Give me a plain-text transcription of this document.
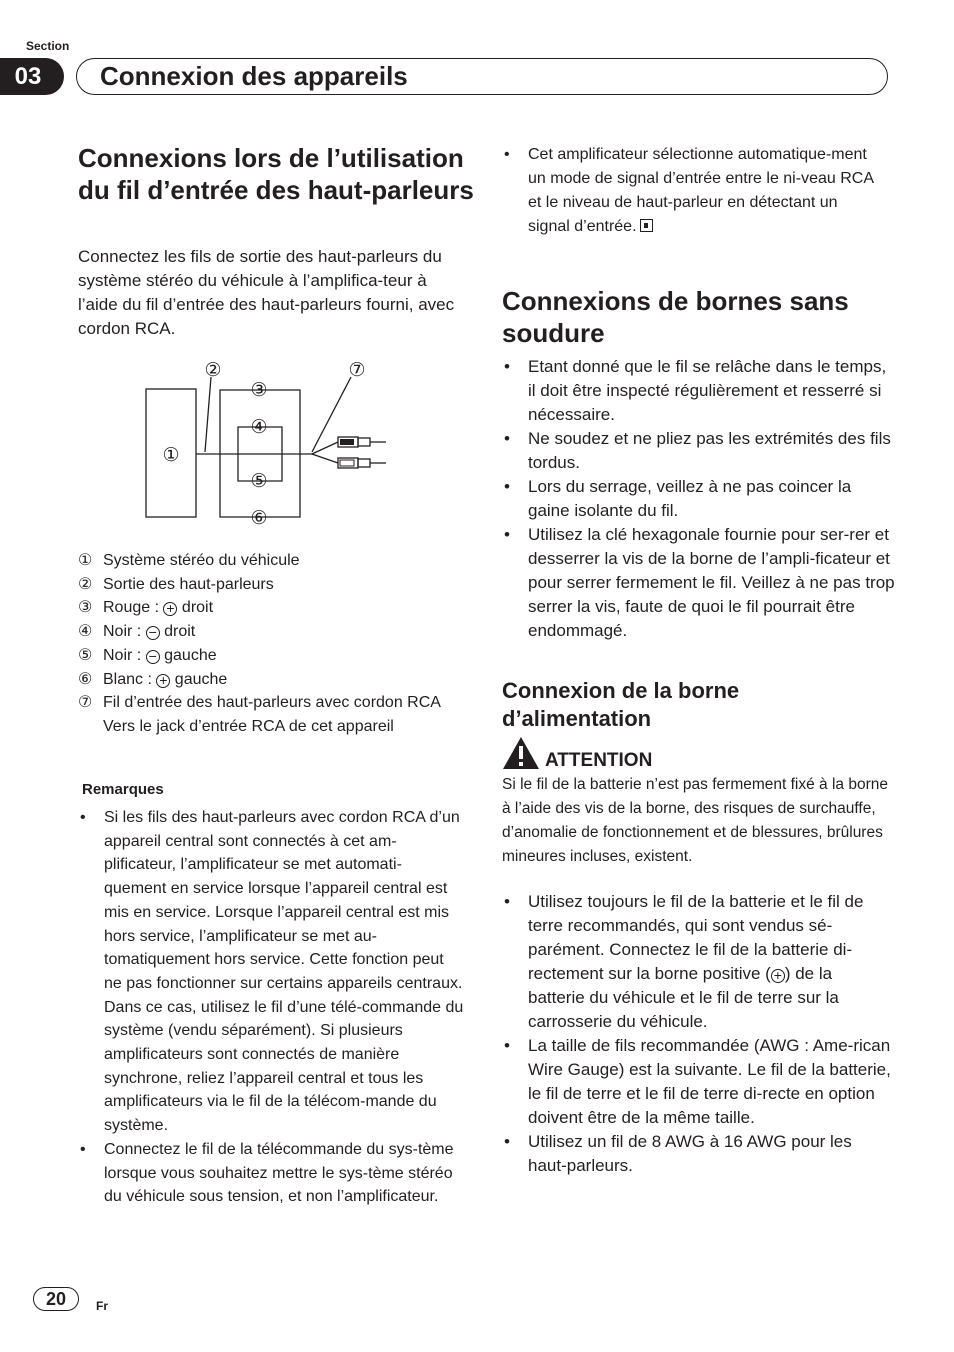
Section
03	Connexion des appareils
Connexions lors de l’utilisation du fil d’entrée des haut-parleurs

Connectez les fils de sortie des haut-parleurs du système stéréo du véhicule à l’amplifica-teur à l’aide du fil d’entrée des haut-parleurs fourni, avec cordon RCA.

①
②
③
④
⑤
⑥
⑦
① Système stéréo du véhicule
② Sortie des haut-parleurs
③ Rouge : + droit
④ Noir : − droit
⑤ Noir : − gauche
⑥ Blanc : + gauche
⑦ Fil d’entrée des haut-parleurs avec cordon RCA
Vers le jack d’entrée RCA de cet appareil
Remarques
• Si les fils des haut-parleurs avec cordon RCA d’un appareil central sont connectés à cet am-plificateur, l’amplificateur se met automati-quement en service lorsque l’appareil central est mis en service. Lorsque l’appareil central est mis hors service, l’amplificateur se met au-tomatiquement hors service. Cette fonction peut ne pas fonctionner sur certains appareils centraux. Dans ce cas, utilisez le fil d’une télé-commande du système (vendu séparément). Si plusieurs amplificateurs sont connectés de manière synchrone, reliez l’appareil central et tous les amplificateurs via le fil de la télécom-mande du système.
• Connectez le fil de la télécommande du sys-tème lorsque vous souhaitez mettre le sys-tème stéréo du véhicule sous tension, et non l’amplificateur.
• Cet amplificateur sélectionne automatique-ment un mode de signal d’entrée entre le ni-veau RCA et le niveau de haut-parleur en détectant un signal d’entrée.
Connexions de bornes sans soudure
• Etant donné que le fil se relâche dans le temps, il doit être inspecté régulièrement et resserré si nécessaire.
• Ne soudez et ne pliez pas les extrémités des fils tordus.
• Lors du serrage, veillez à ne pas coincer la gaine isolante du fil.
• Utilisez la clé hexagonale fournie pour ser-rer et desserrer la vis de la borne de l’ampli-ficateur et pour serrer fermement le fil. Veillez à ne pas trop serrer la vis, faute de quoi le fil pourrait être endommagé.
Connexion de la borne d’alimentation
ATTENTION

Si le fil de la batterie n’est pas fermement fixé à la borne à l’aide des vis de la borne, des risques de surchauffe, d’anomalie de fonctionnement et de blessures, brûlures mineures incluses, existent.

• Utilisez toujours le fil de la batterie et le fil de terre recommandés, qui sont vendus sé-parément. Connectez le fil de la batterie di-rectement sur la borne positive ( + ) de la batterie du véhicule et le fil de terre sur la carrosserie du véhicule.
• La taille de fils recommandée (AWG : Ame-rican Wire Gauge) est la suivante. Le fil de la batterie, le fil de terre et le fil de terre di-recte en option doivent être de la même taille.
• Utilisez un fil de 8 AWG à 16 AWG pour les haut-parleurs.
20	Fr
